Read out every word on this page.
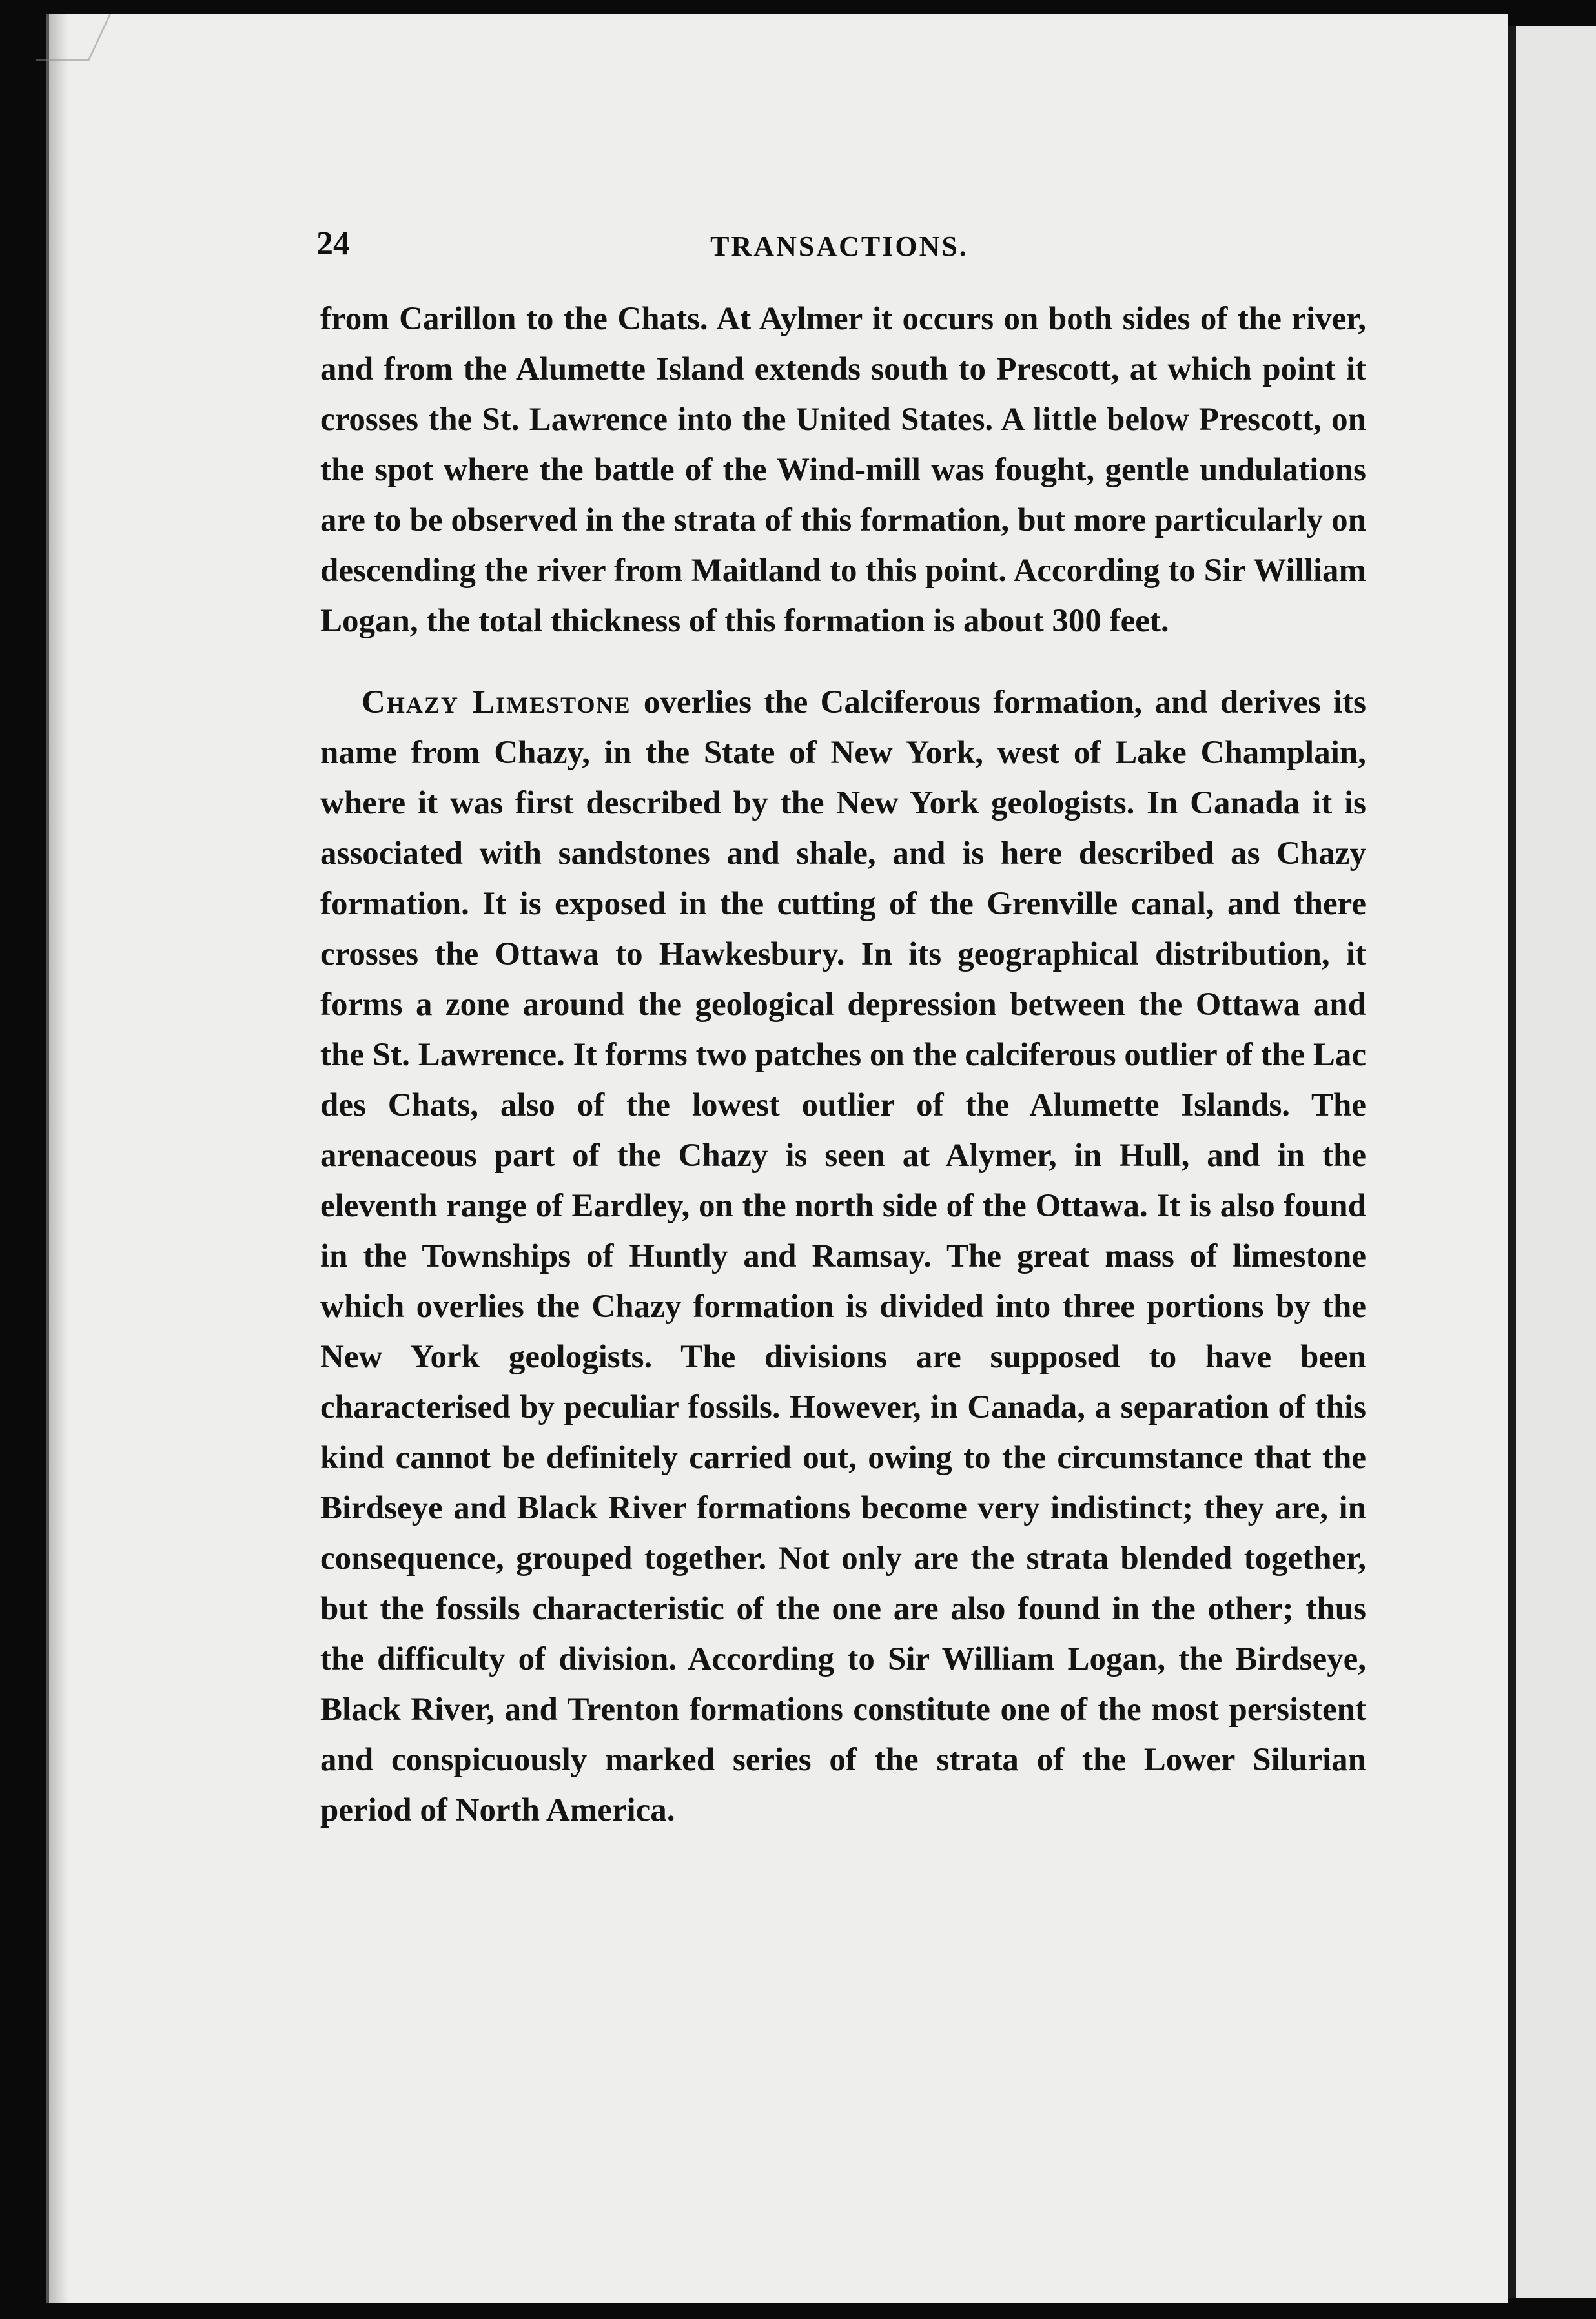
24	TRANSACTIONS.

from Carillon to the Chats. At Aylmer it occurs on both sides of the river, and from the Alumette Island extends south to Prescott, at which point it crosses the St. Lawrence into the United States. A little below Prescott, on the spot where the battle of the Wind-mill was fought, gentle undulations are to be observed in the strata of this formation, but more particularly on descending the river from Maitland to this point. According to Sir William Logan, the total thickness of this formation is about 300 feet.

Chazy Limestone overlies the Calciferous formation, and derives its name from Chazy, in the State of New York, west of Lake Champlain, where it was first described by the New York geologists. In Canada it is associated with sandstones and shale, and is here described as Chazy formation. It is exposed in the cutting of the Grenville canal, and there crosses the Ottawa to Hawkesbury. In its geographical distribution, it forms a zone around the geological depression between the Ottawa and the St. Lawrence. It forms two patches on the calciferous outlier of the Lac des Chats, also of the lowest outlier of the Alumette Islands. The arenaceous part of the Chazy is seen at Alymer, in Hull, and in the eleventh range of Eardley, on the north side of the Ottawa. It is also found in the Townships of Huntly and Ramsay. The great mass of limestone which overlies the Chazy formation is divided into three portions by the New York geologists. The divisions are supposed to have been characterised by peculiar fossils. However, in Canada, a separation of this kind cannot be definitely carried out, owing to the circumstance that the Birdseye and Black River formations become very indistinct; they are, in consequence, grouped together. Not only are the strata blended together, but the fossils characteristic of the one are also found in the other; thus the difficulty of division. According to Sir William Logan, the Birdseye, Black River, and Trenton formations constitute one of the most persistent and conspicuously marked series of the strata of the Lower Silurian period of North America.
